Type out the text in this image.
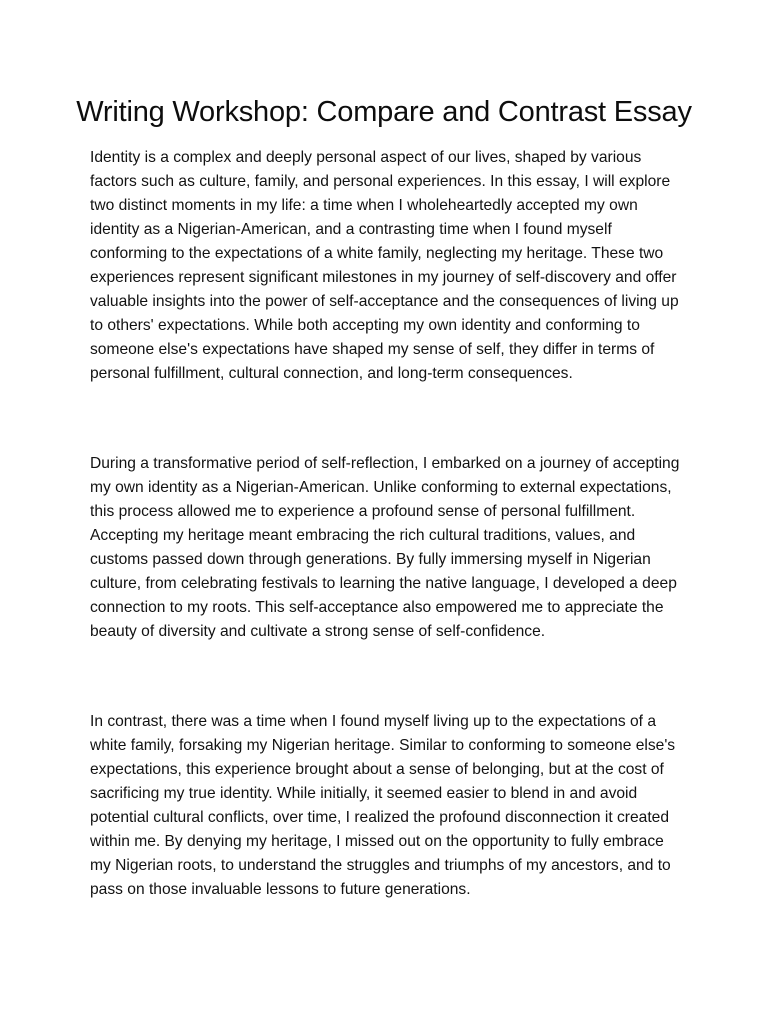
Writing Workshop: Compare and Contrast Essay

Identity is a complex and deeply personal aspect of our lives, shaped by various factors such as culture, family, and personal experiences. In this essay, I will explore two distinct moments in my life: a time when I wholeheartedly accepted my own identity as a Nigerian-American, and a contrasting time when I found myself conforming to the expectations of a white family, neglecting my heritage. These two experiences represent significant milestones in my journey of self-discovery and offer valuable insights into the power of self-acceptance and the consequences of living up to others' expectations. While both accepting my own identity and conforming to someone else's expectations have shaped my sense of self, they differ in terms of personal fulfillment, cultural connection, and long-term consequences.

During a transformative period of self-reflection, I embarked on a journey of accepting my own identity as a Nigerian-American. Unlike conforming to external expectations, this process allowed me to experience a profound sense of personal fulfillment. Accepting my heritage meant embracing the rich cultural traditions, values, and customs passed down through generations. By fully immersing myself in Nigerian culture, from celebrating festivals to learning the native language, I developed a deep connection to my roots. This self-acceptance also empowered me to appreciate the beauty of diversity and cultivate a strong sense of self-confidence.

In contrast, there was a time when I found myself living up to the expectations of a white family, forsaking my Nigerian heritage. Similar to conforming to someone else's expectations, this experience brought about a sense of belonging, but at the cost of sacrificing my true identity. While initially, it seemed easier to blend in and avoid potential cultural conflicts, over time, I realized the profound disconnection it created within me. By denying my heritage, I missed out on the opportunity to fully embrace my Nigerian roots, to understand the struggles and triumphs of my ancestors, and to pass on those invaluable lessons to future generations.
